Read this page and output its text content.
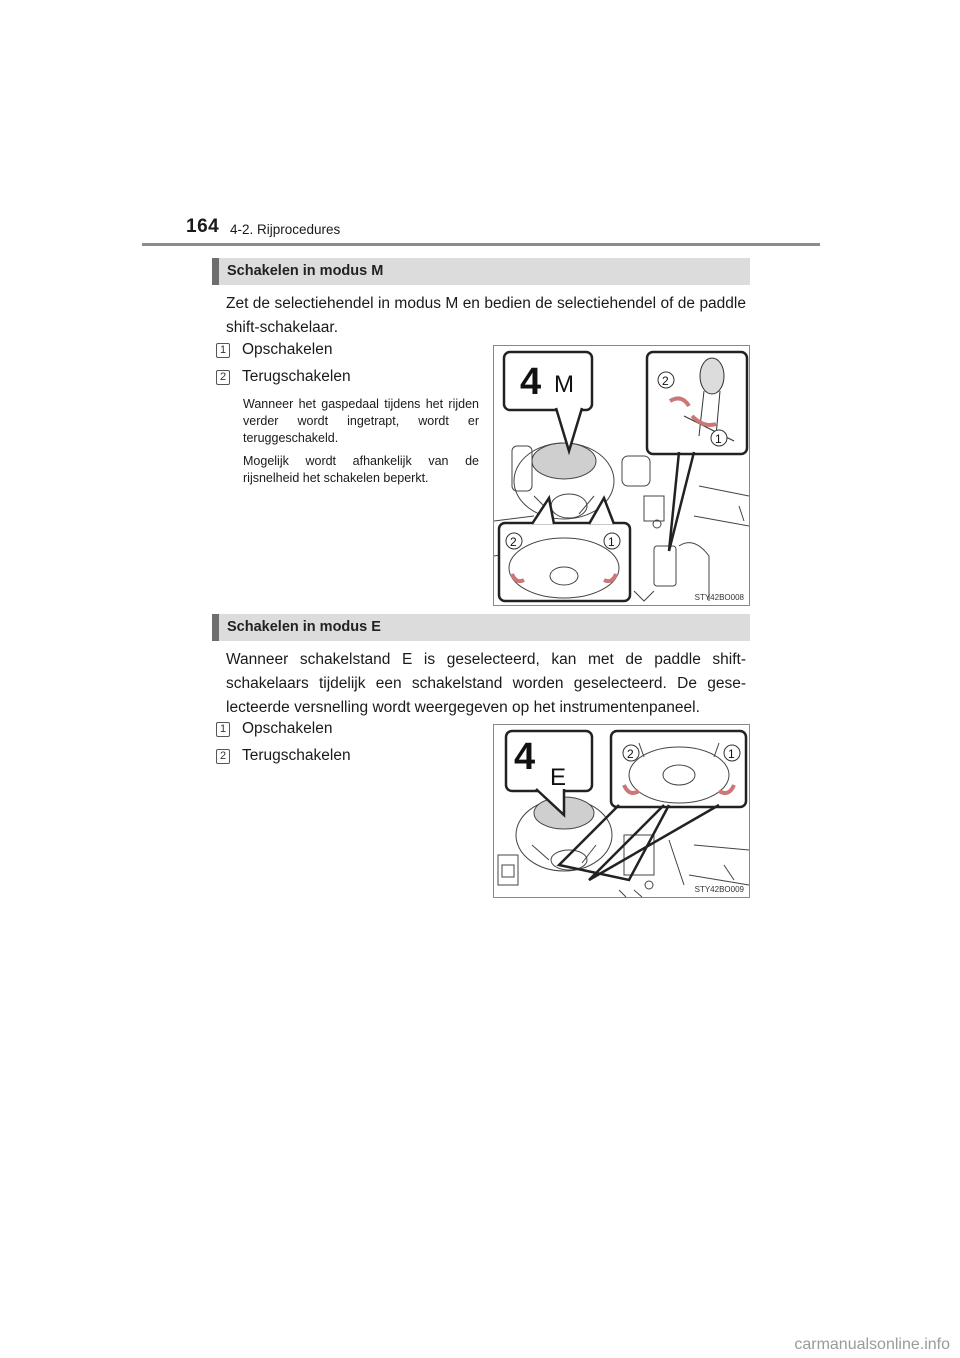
164 4-2. Rijprocedures
Schakelen in modus M
Zet de selectiehendel in modus M en bedien de selectiehendel of de paddle shift-schakelaar.
1 Opschakelen
2 Terugschakelen
Wanneer het gaspedaal tijdens het rijden verder wordt ingetrapt, wordt er teruggeschakeld.
Mogelijk wordt afhankelijk van de rijsnelheid het schakelen beperkt.
4 M	2
1
2	1
STY42BO008
Schakelen in modus E
Wanneer schakelstand E is geselecteerd, kan met de paddle shift-schakelaars tijdelijk een schakelstand worden geselecteerd. De gese-lecteerde versnelling wordt weergegeven op het instrumentenpaneel.
1 Opschakelen
2 Terugschakelen	4 E
2	1
STY42BO009
carmanualsonline.info
